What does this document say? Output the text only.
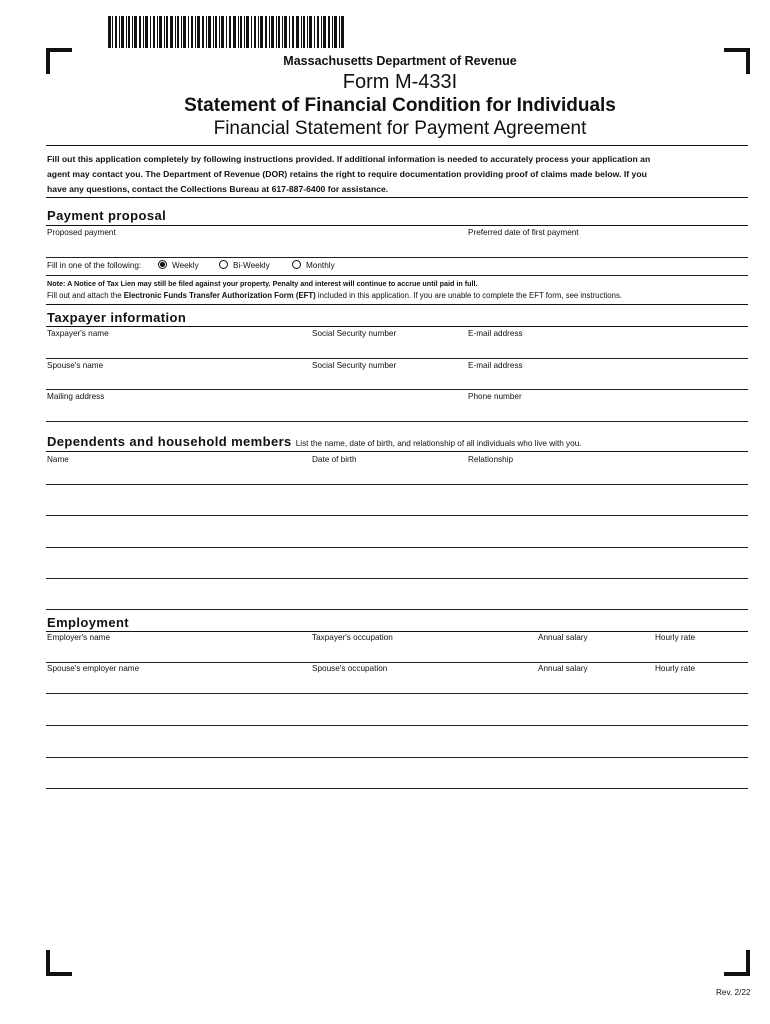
Massachusetts Department of Revenue
Form M-433I
Statement of Financial Condition for Individuals
Financial Statement for Payment Agreement
Fill out this application completely by following instructions provided. If additional information is needed to accurately process your application an
agent may contact you. The Department of Revenue (DOR) retains the right to require documentation providing proof of claims made below. If you
have any questions, contact the Collections Bureau at 617-887-6400 for assistance.
Payment proposal
Proposed payment	Preferred date of first payment
Fill in one of the following:	Weekly	Bi-Weekly	Monthly
Note: A Notice of Tax Lien may still be filed against your property. Penalty and interest will continue to accrue until paid in full.
Fill out and attach the Electronic Funds Transfer Authorization Form (EFT) included in this application. If you are unable to complete the EFT form, see instructions.
Taxpayer information
Taxpayer's name	Social Security number	E-mail address
Spouse's name	Social Security number	E-mail address
Mailing address	Phone number
Dependents and household members List the name, date of birth, and relationship of all individuals who live with you.
Name	Date of birth	Relationship
Employment
Employer's name	Taxpayer's occupation	Annual salary	Hourly rate
Spouse's employer name	Spouse's occupation	Annual salary	Hourly rate
Rev. 2/22
